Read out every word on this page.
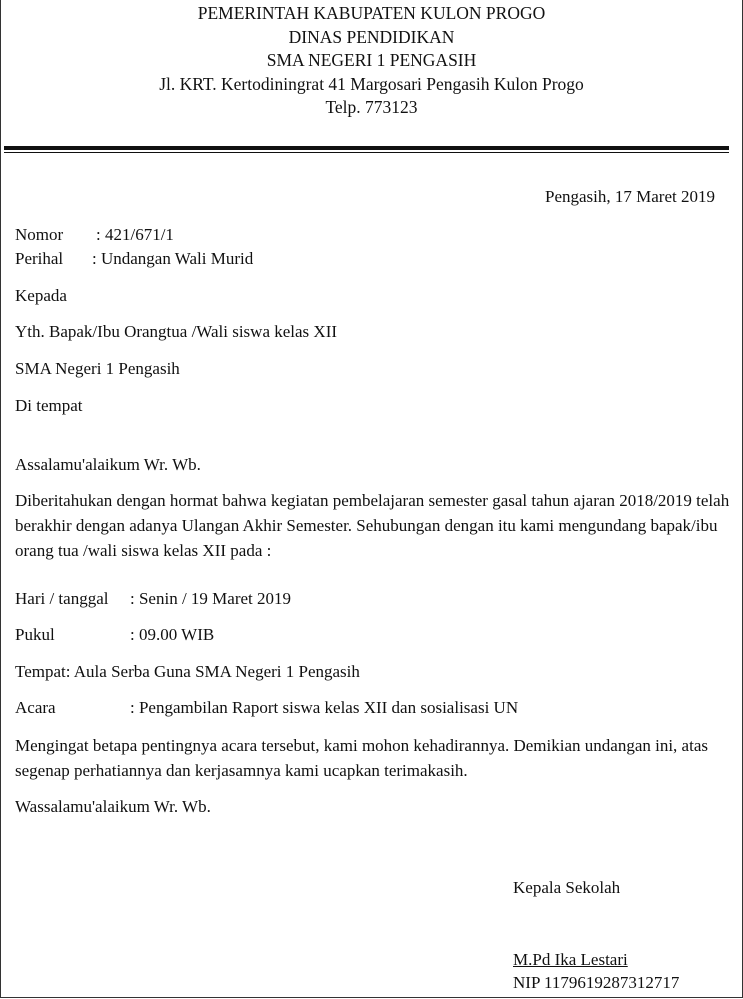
PEMERINTAH KABUPATEN KULON PROGO
DINAS PENDIDIKAN
SMA NEGERI 1 PENGASIH
Jl. KRT. Kertodiningrat 41 Margosari Pengasih Kulon Progo
Telp. 773123
Pengasih, 17 Maret 2019
Nomor : 421/671/1
Perihal : Undangan Wali Murid
Kepada
Yth. Bapak/Ibu Orangtua /Wali siswa kelas XII
SMA Negeri 1 Pengasih
Di tempat
Assalamu'alaikum Wr. Wb.
Diberitahukan dengan hormat bahwa kegiatan pembelajaran semester gasal tahun ajaran 2018/2019 telah berakhir dengan adanya Ulangan Akhir Semester. Sehubungan dengan itu kami mengundang bapak/ibu orang tua /wali siswa kelas XII pada :
Hari / tanggal : Senin / 19 Maret 2019
Pukul	: 09.00 WIB
Tempat: Aula Serba Guna SMA Negeri 1 Pengasih
Acara	: Pengambilan Raport siswa kelas XII dan sosialisasi UN
Mengingat betapa pentingnya acara tersebut, kami mohon kehadirannya. Demikian undangan ini, atas segenap perhatiannya dan kerjasamnya kami ucapkan terimakasih.
Wassalamu'alaikum Wr. Wb.
Kepala Sekolah
M.Pd Ika Lestari
NIP 1179619287312717
